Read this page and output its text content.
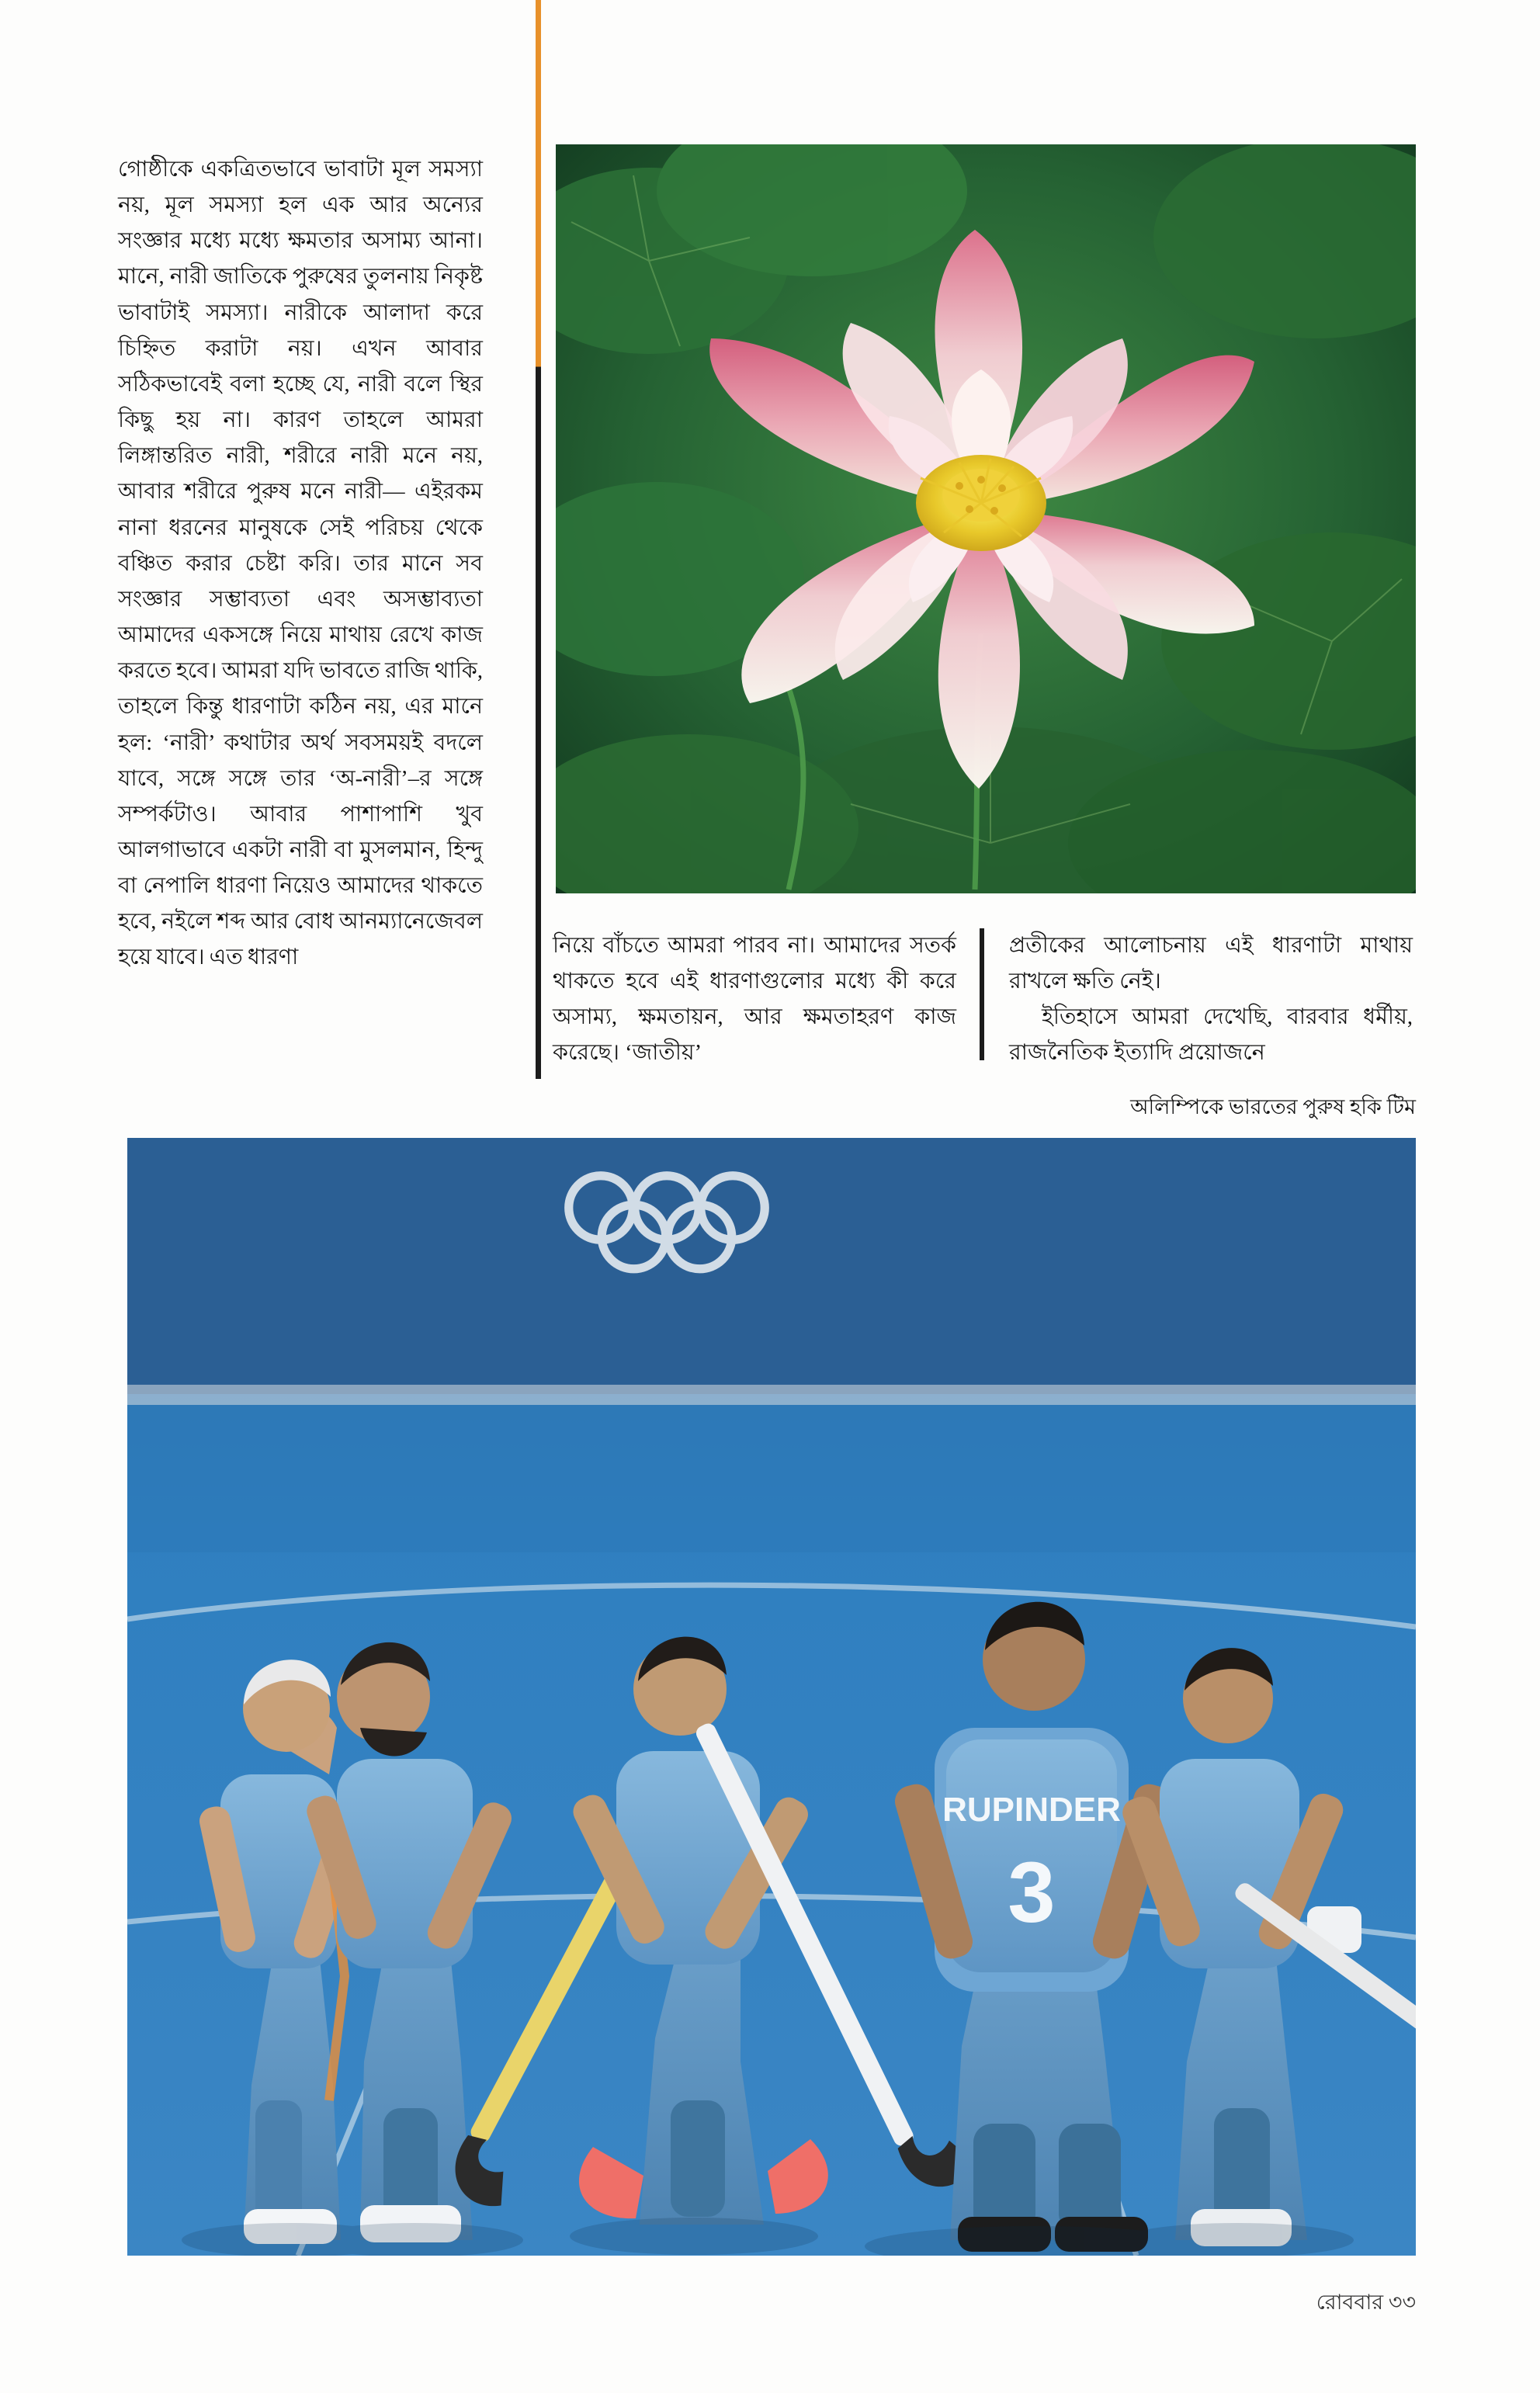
গোষ্ঠীকে একত্রিতভাবে ভাবাটা মূল সমস্যা নয়, মূল সমস্যা হল এক আর অন্যের সংজ্ঞার মধ্যে মধ্যে ক্ষমতার অসাম্য আনা। মানে, নারী জাতিকে পুরুষের তুলনায় নিকৃষ্ট ভাবাটাই সমস্যা। নারীকে আলাদা করে চিহ্নিত করাটা নয়। এখন আবার সঠিকভাবেই বলা হচ্ছে যে, নারী বলে স্থির কিছু হয় না। কারণ তাহলে আমরা লিঙ্গান্তরিত নারী, শরীরে নারী মনে নয়, আবার শরীরে পুরুষ মনে নারী— এইরকম নানা ধরনের মানুষকে সেই পরিচয় থেকে বঞ্চিত করার চেষ্টা করি। তার মানে সব সংজ্ঞার সম্ভাব্যতা এবং অসম্ভাব্যতা আমাদের একসঙ্গে নিয়ে মাথায় রেখে কাজ করতে হবে। আমরা যদি ভাবতে রাজি থাকি, তাহলে কিন্তু ধারণাটা কঠিন নয়, এর মানে হল: ‘নারী’ কথাটার অর্থ সবসময়ই বদলে যাবে, সঙ্গে সঙ্গে তার ‘অ-নারী’–র সঙ্গে সম্পর্কটাও। আবার পাশাপাশি খুব আলগাভাবে একটা নারী বা মুসলমান, হিন্দু বা নেপালি ধারণা নিয়েও আমাদের থাকতে হবে, নইলে শব্দ আর বোধ আনম্যানেজেবল হয়ে যাবে। এত ধারণা	নিয়ে বাঁচতে আমরা পারব না। আমাদের সতর্ক থাকতে হবে এই ধারণাগুলোর মধ্যে কী করে অসাম্য, ক্ষমতায়ন, আর ক্ষমতাহরণ কাজ করেছে। ‘জাতীয়’
প্রতীকের আলোচনায় এই ধারণাটা মাথায় রাখলে ক্ষতি নেই।
ইতিহাসে আমরা দেখেছি, বারবার ধর্মীয়, রাজনৈতিক ইত্যাদি প্রয়োজনে
অলিম্পিকে ভারতের পুরুষ হকি টিম
RUPINDER
3
রোববার ৩৩
